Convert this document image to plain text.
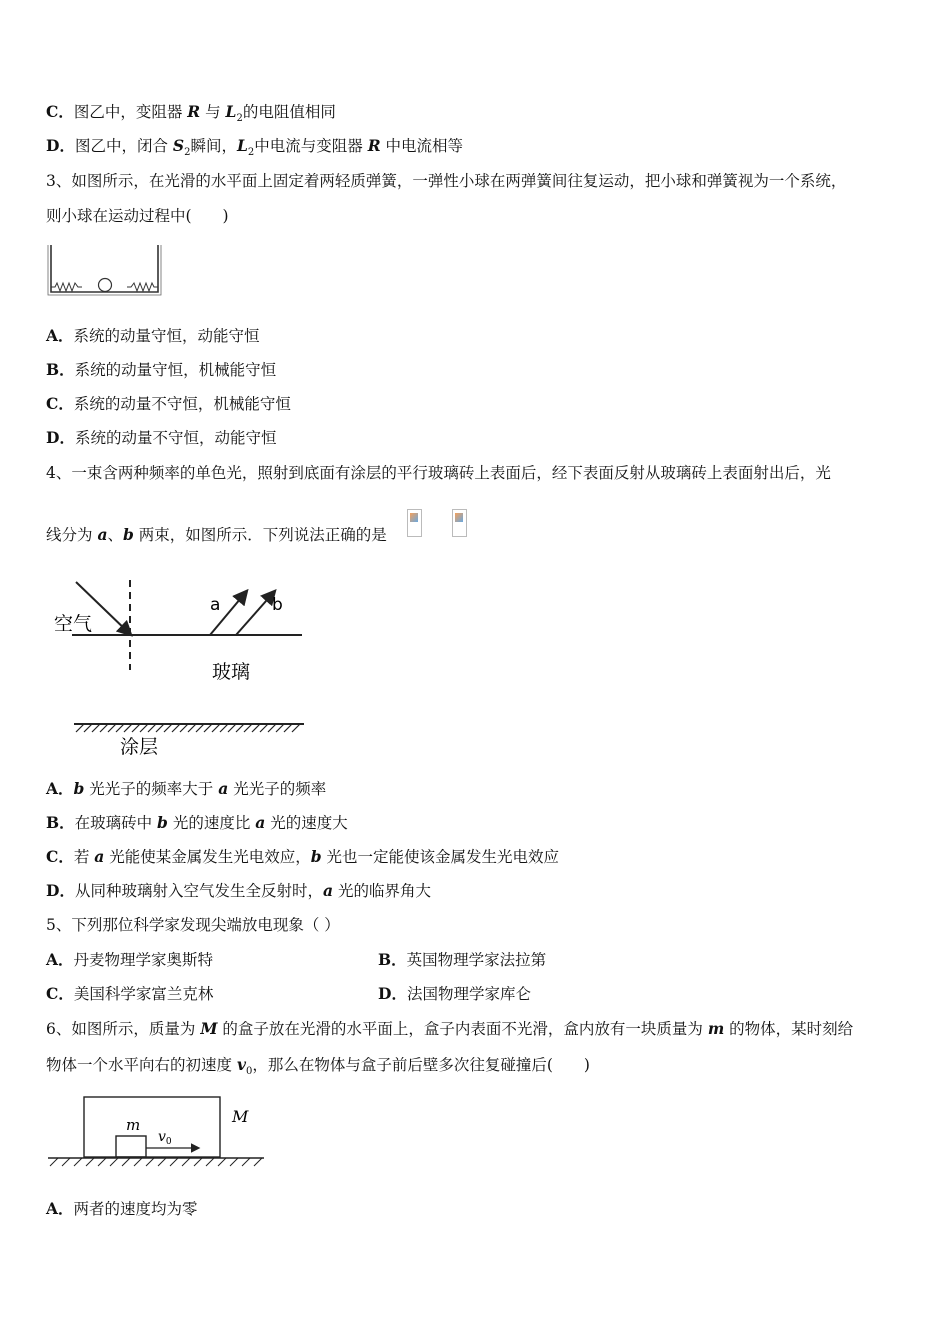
C．图乙中，变阻器 R 与 $L_2$的电阻值相同
D．图乙中，闭合 $S_2$瞬间，$L_2$中电流与变阻器 R 中电流相等
3、如图所示，在光滑的水平面上固定着两轻质弹簧，一弹性小球在两弹簧间往复运动，把小球和弹簧视为一个系统，
则小球在运动过程中(　　)
A．系统的动量守恒，动能守恒
B．系统的动量守恒，机械能守恒
C．系统的动量不守恒，机械能守恒
D．系统的动量不守恒，动能守恒
4、一束含两种频率的单色光，照射到底面有涂层的平行玻璃砖上表面后，经下表面反射从玻璃砖上表面射出后，光
线分为 a、b 两束，如图所示．下列说法正确的是
a	b
空气
玻璃
涂层
A．b 光光子的频率大于 a 光光子的频率
B．在玻璃砖中 b 光的速度比 a 光的速度大
C．若 a 光能使某金属发生光电效应，b 光也一定能使该金属发生光电效应
D．从同种玻璃射入空气发生全反射时，a 光的临界角大
5、下列那位科学家发现尖端放电现象（ ）
A．丹麦物理学家奥斯特	B．英国物理学家法拉第
C．美国科学家富兰克林	D．法国物理学家库仑
6、如图所示，质量为 M 的盒子放在光滑的水平面上，盒子内表面不光滑，盒内放有一块质量为 m 的物体，某时刻给
物体一个水平向右的初速度 $v_0$，那么在物体与盒子前后壁多次往复碰撞后(　　)
m
$v_0$
M
A．两者的速度均为零
